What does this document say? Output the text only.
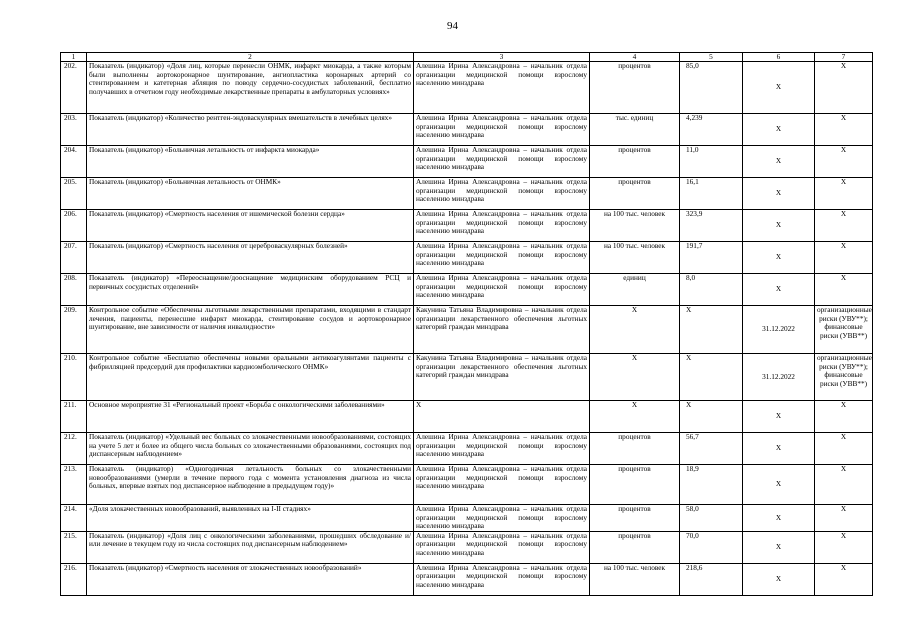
94
1	2	3	4	5	6	7
202.	Показатель (индикатор) «Доля лиц, которые перенесли ОНМК, инфаркт миокарда, а также которым были выполнены аортокоронарное шунтирование, ангиопластика коронарных артерий со стентированием и катетерная абляция по поводу сердечно-сосудистых заболеваний, бесплатно получавших в отчетном году необходимые лекарственные препараты в амбулаторных условиях»	Алешина Ирина Александровна – начальник отдела организации медицинской помощи взрослому населению минздрава	процентов	85,0	X	X
203.	Показатель (индикатор) «Количество рентген-эндоваскулярных вмешательств в лечебных целях»	Алешина Ирина Александровна – начальник отдела организации медицинской помощи взрослому населению минздрава	тыс. единиц	4,239	X	X
204.	Показатель (индикатор) «Больничная летальность от инфаркта миокарда»	Алешина Ирина Александровна – начальник отдела организации медицинской помощи взрослому населению минздрава	процентов	11,0	X	X
205.	Показатель (индикатор) «Больничная летальность от ОНМК»	Алешина Ирина Александровна – начальник отдела организации медицинской помощи взрослому населению минздрава	процентов	16,1	X	X
206.	Показатель (индикатор) «Смертность населения от ишемической болезни сердца»	Алешина Ирина Александровна – начальник отдела организации медицинской помощи взрослому населению минздрава	на 100 тыс. человек	323,9	X	X
207.	Показатель (индикатор) «Смертность населения от цереброваскулярных болезней»	Алешина Ирина Александровна – начальник отдела организации медицинской помощи взрослому населению минздрава	на 100 тыс. человек	191,7	X	X
208.	Показатель (индикатор) «Переоснащение/дооснащение медицинским оборудованием РСЦ и первичных сосудистых отделений»	Алешина Ирина Александровна – начальник отдела организации медицинской помощи взрослому населению минздрава	единиц	8,0	X	X
209.	Контрольное событие «Обеспечены льготными лекарственными препаратами, входящими в стандарт лечения, пациенты, перенесшие инфаркт миокарда, стентирование сосудов и аортокоронарное шунтирование, вне зависимости от наличия инвалидности»	Какунина Татьяна Владимировна – начальник отдела организации лекарственного обеспечения льготных категорий граждан минздрава	X	X	31.12.2022	организационные риски (УВУ**); финансовые риски (УВВ**)
210.	Контрольное событие «Бесплатно обеспечены новыми оральными антикоагулянтами пациенты с фибрилляцией предсердий для профилактики кардиоэмболического ОНМК»	Какунина Татьяна Владимировна – начальник отдела организации лекарственного обеспечения льготных категорий граждан минздрава	X	X	31.12.2022	организационные риски (УВУ**); финансовые риски (УВВ**)
211.	Основное мероприятие 31 «Региональный проект «Борьба с онкологическими заболеваниями»	X	X	X	X	X
212.	Показатель (индикатор) «Удельный вес больных со злокачественными новообразованиями, состоящих на учете 5 лет и более из общего числа больных со злокачественными образованиями, состоящих под диспансерным наблюдением»	Алешина Ирина Александровна – начальник отдела организации медицинской помощи взрослому населению минздрава	процентов	56,7	X	X
213.	Показатель (индикатор) «Одногодичная летальность больных со злокачественными новообразованиями (умерли в течение первого года с момента установления диагноза из числа больных, впервые взятых под диспансерное наблюдение в предыдущем году)»	Алешина Ирина Александровна – начальник отдела организации медицинской помощи взрослому населению минздрава	процентов	18,9	X	X
214.	«Доля злокачественных новообразований, выявленных на I-II стадиях»	Алешина Ирина Александровна – начальник отдела организации медицинской помощи взрослому населению минздрава	процентов	58,0	X	X
215.	Показатель (индикатор) «Доля лиц с онкологическими заболеваниями, прошедших обследование и/или лечение в текущем году из числа состоящих под диспансерным наблюдением»	Алешина Ирина Александровна – начальник отдела организации медицинской помощи взрослому населению минздрава	процентов	70,0	X	X
216.	Показатель (индикатор) «Смертность населения от злокачественных новообразований»	Алешина Ирина Александровна – начальник отдела организации медицинской помощи взрослому населению минздрава	на 100 тыс. человек	218,6	X	X
